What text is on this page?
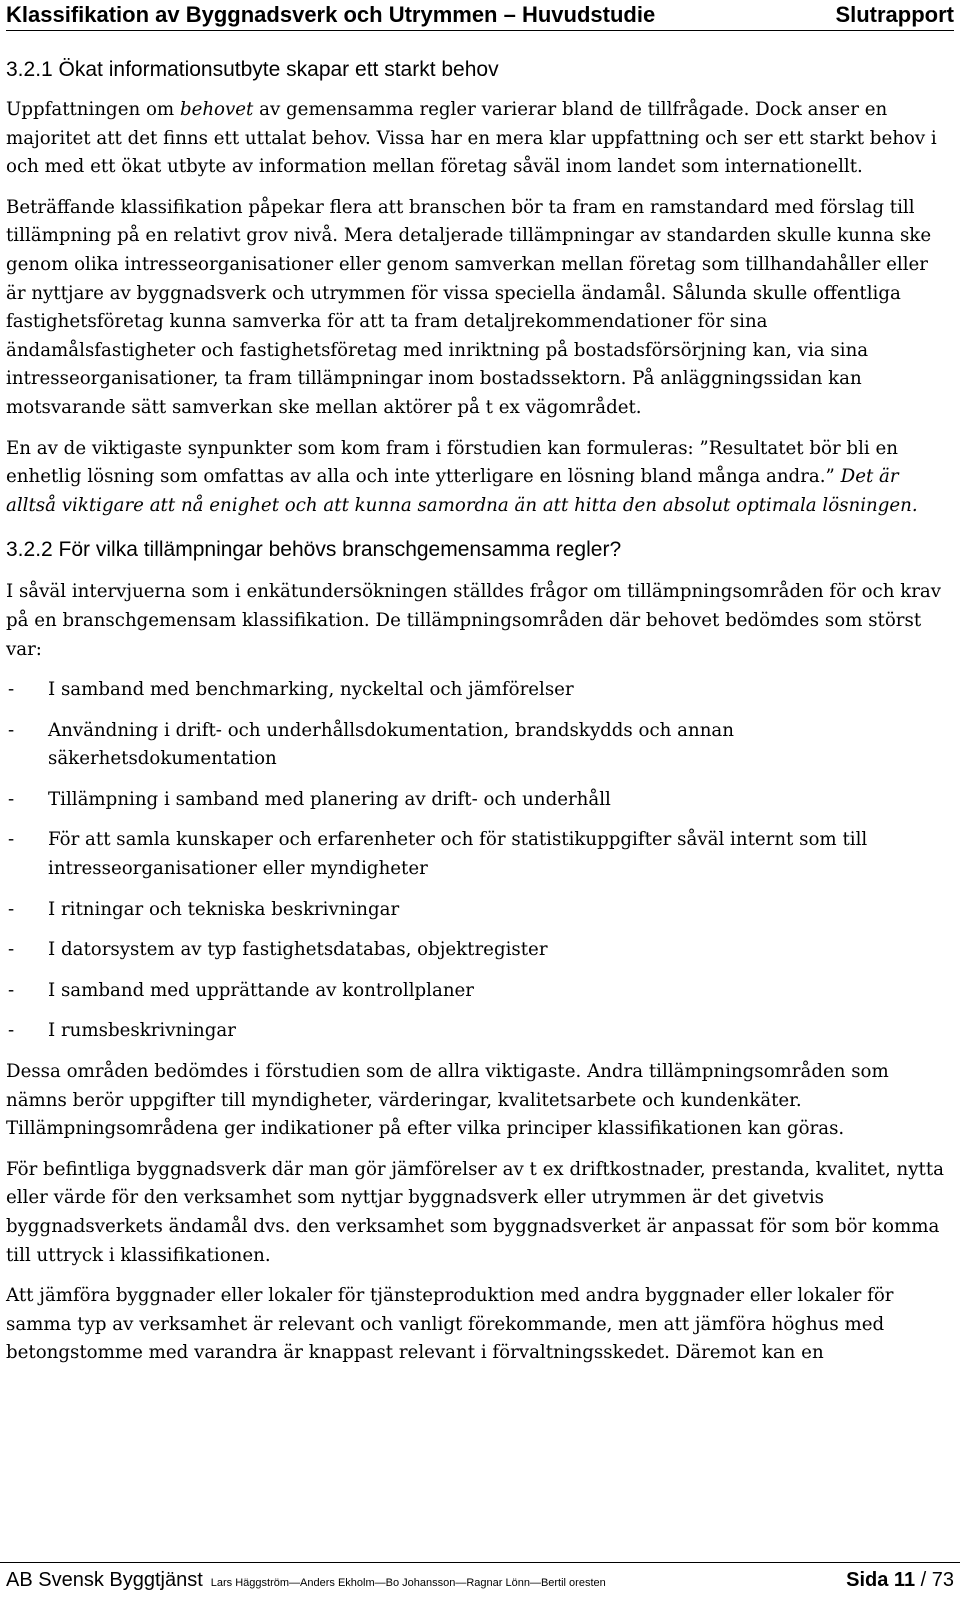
Klassifikation av Byggnadsverk och Utrymmen – Huvudstudie	Slutrapport
3.2.1 Ökat informationsutbyte skapar ett starkt behov

Uppfattningen om behovet av gemensamma regler varierar bland de tillfrågade. Dock anser en majoritet att det finns ett uttalat behov. Vissa har en mera klar uppfattning och ser ett starkt behov i och med ett ökat utbyte av information mellan företag såväl inom landet som internationellt.

Beträffande klassifikation påpekar flera att branschen bör ta fram en ramstandard med förslag till tillämpning på en relativt grov nivå. Mera detaljerade tillämpningar av standarden skulle kunna ske genom olika intresseorganisationer eller genom samverkan mellan företag som tillhandahåller eller är nyttjare av byggnadsverk och utrymmen för vissa speciella ändamål. Sålunda skulle offentliga fastighetsföretag kunna samverka för att ta fram detaljrekommendationer för sina ändamålsfastigheter och fastighetsföretag med inriktning på bostadsförsörjning kan, via sina intresseorganisationer, ta fram tillämpningar inom bostadssektorn. På anläggningssidan kan motsvarande sätt samverkan ske mellan aktörer på t ex vägområdet.

En av de viktigaste synpunkter som kom fram i förstudien kan formuleras: ”Resultatet bör bli en enhetlig lösning som omfattas av alla och inte ytterligare en lösning bland många andra.” Det är alltså viktigare att nå enighet och att kunna samordna än att hitta den absolut optimala lösningen.

3.2.2 För vilka tillämpningar behövs branschgemensamma regler?

I såväl intervjuerna som i enkätundersökningen ställdes frågor om tillämpningsområden för och krav på en branschgemensam klassifikation. De tillämpningsområden där behovet bedömdes som störst var:

- I samband med benchmarking, nyckeltal och jämförelser
- Användning i drift- och underhållsdokumentation, brandskydds och annan säkerhetsdokumentation
- Tillämpning i samband med planering av drift- och underhåll
- För att samla kunskaper och erfarenheter och för statistikuppgifter såväl internt som till intresseorganisationer eller myndigheter
- I ritningar och tekniska beskrivningar
- I datorsystem av typ fastighetsdatabas, objektregister
- I samband med upprättande av kontrollplaner
- I rumsbeskrivningar

Dessa områden bedömdes i förstudien som de allra viktigaste. Andra tillämpningsområden som nämns berör uppgifter till myndigheter, värderingar, kvalitetsarbete och kundenkäter. Tillämpningsområdena ger indikationer på efter vilka principer klassifikationen kan göras.

För befintliga byggnadsverk där man gör jämförelser av t ex driftkostnader, prestanda, kvalitet, nytta eller värde för den verksamhet som nyttjar byggnadsverk eller utrymmen är det givetvis byggnadsverkets ändamål dvs. den verksamhet som byggnadsverket är anpassat för som bör komma till uttryck i klassifikationen.

Att jämföra byggnader eller lokaler för tjänsteproduktion med andra byggnader eller lokaler för samma typ av verksamhet är relevant och vanligt förekommande, men att jämföra höghus med betongstomme med varandra är knappast relevant i förvaltningsskedet. Däremot kan en

AB Svensk Byggtjänst Lars Häggström—Anders Ekholm—Bo Johansson—Ragnar Lönn—Bertil oresten	Sida 11 / 73
